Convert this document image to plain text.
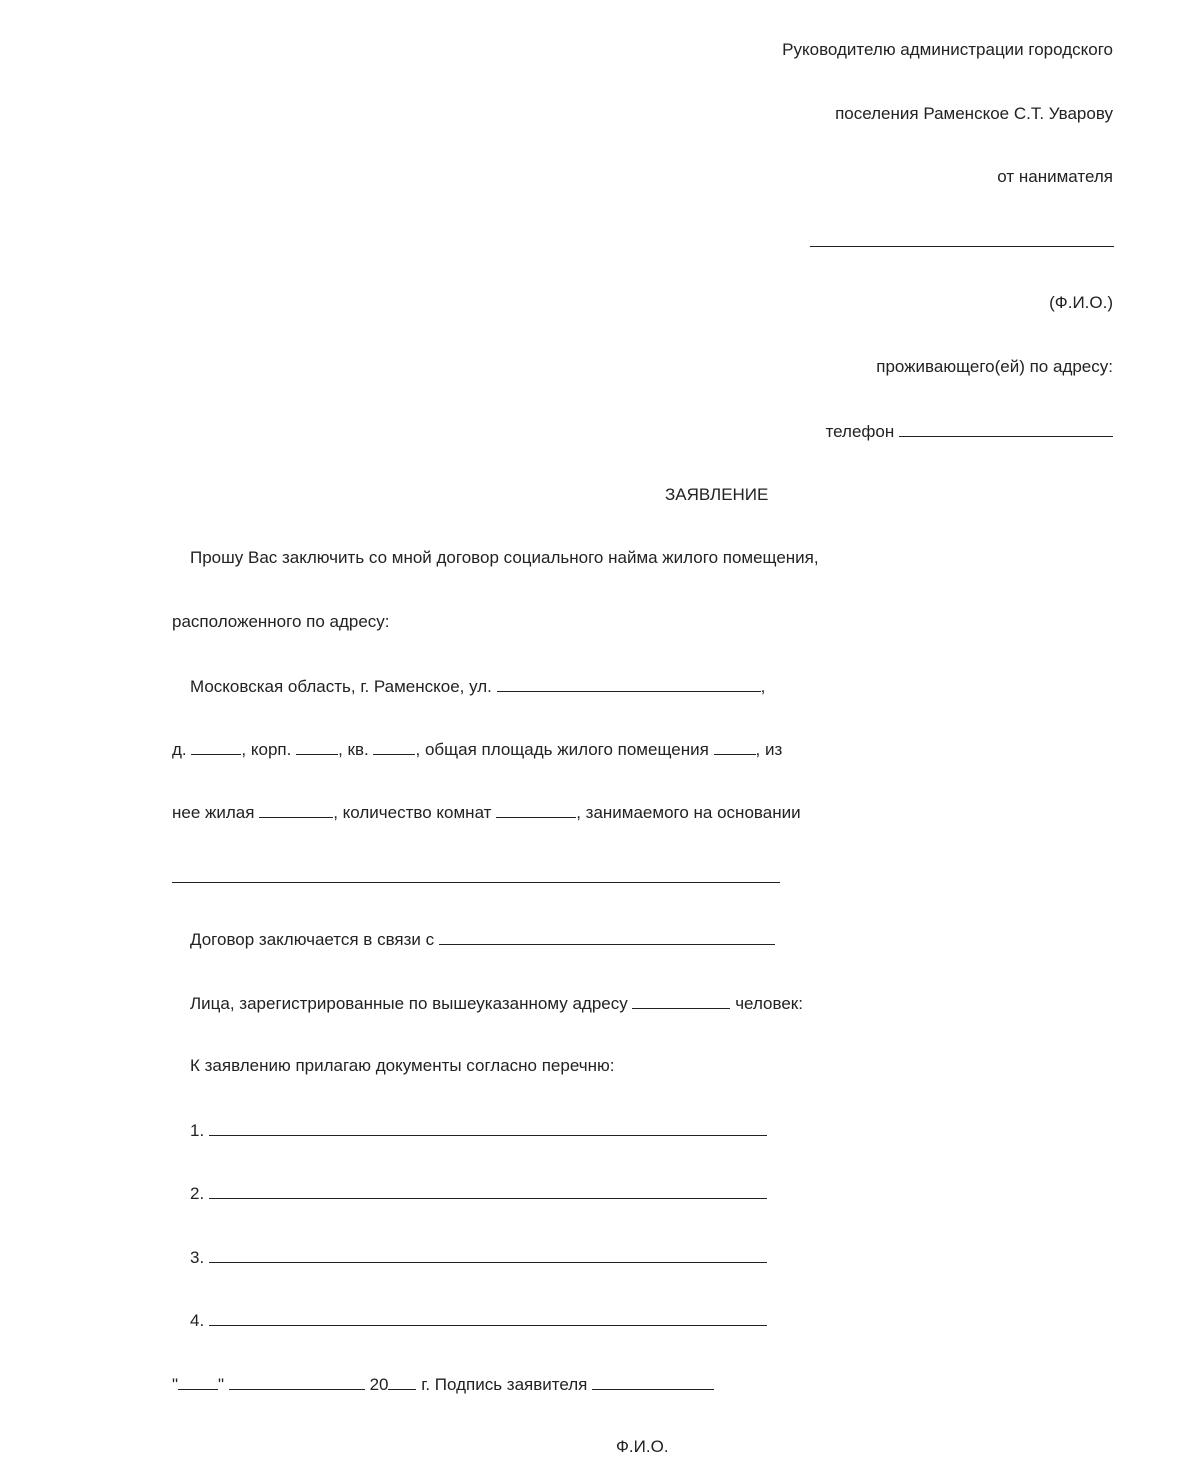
Руководителю администрации городского
поселения Раменское С.Т. Уварову
от нанимателя
(Ф.И.О.)
проживающего(ей) по адресу:
телефон
ЗАЯВЛЕНИЕ
Прошу Вас заключить со мной договор социального найма жилого помещения,
расположенного по адресу:
Московская область, г. Раменское, ул.	,
д.	, корп.	, кв.	, общая площадь жилого помещения	, из
нее жилая	, количество комнат	, занимаемого на основании
Договор заключается в связи с
Лица, зарегистрированные по вышеуказанному адресу	человек:
К заявлению прилагаю документы согласно перечню:
1.
2.
3.
4.
" "	20 г. Подпись заявителя
Ф.И.О.
